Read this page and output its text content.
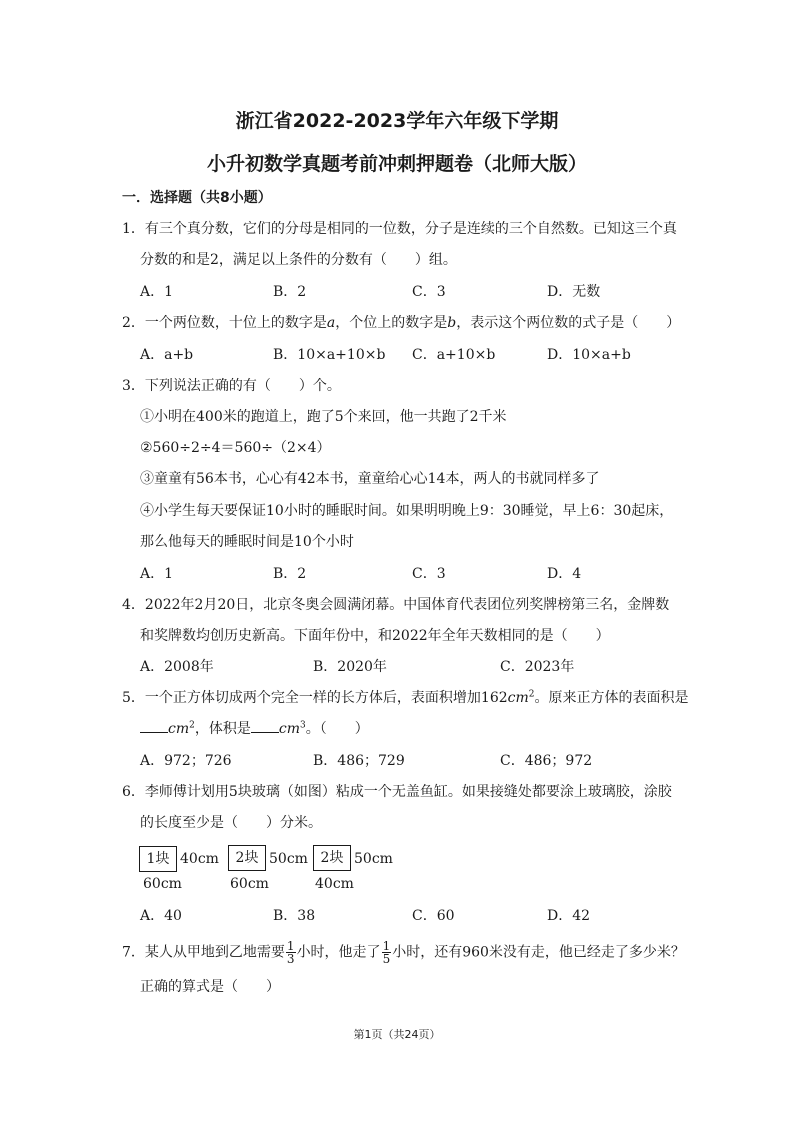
浙江省2022-2023学年六年级下学期
小升初数学真题考前冲刺押题卷（北师大版）
一．选择题（共8小题）
1．有三个真分数，它们的分母是相同的一位数，分子是连续的三个自然数。已知这三个真
分数的和是2，满足以上条件的分数有（　　）组。
A．1	B．2	C．3	D．无数
2．一个两位数，十位上的数字是a，个位上的数字是b，表示这个两位数的式子是（　　）
A．a+b	B．10×a+10×b C．a+10×b	D．10×a+b
3．下列说法正确的有（　　）个。
①小明在400米的跑道上，跑了5个来回，他一共跑了2千米
②560÷2÷4＝560÷（2×4）
③童童有56本书，心心有42本书，童童给心心14本，两人的书就同样多了
④小学生每天要保证10小时的睡眠时间。如果明明晚上9：30睡觉，早上6：30起床，
那么他每天的睡眠时间是10个小时
A．1	B．2	C．3	D．4
4．2022年2月20日，北京冬奥会圆满闭幕。中国体育代表团位列奖牌榜第三名，金牌数
和奖牌数均创历史新高。下面年份中，和2022年全年天数相同的是（　　）
A．2008年	B．2020年	C．2023年
5．一个正方体切成两个完全一样的长方体后，表面积增加$162cm^2$。原来正方体的表面积是
$cm^2$，体积是 $cm^3$。（　　）
A．972；726	B．486；729	C．486；972
6．李师傅计划用5块玻璃（如图）粘成一个无盖鱼缸。如果接缝处都要涂上玻璃胶，涂胶
的长度至少是（　　）分米。
1块 40cm
60cm
2块 50cm
60cm
2块 50cm
40cm
A．40	B．38	C．60	D．42
7．某人从甲地到乙地需要 $\frac{1}{3}$ 小时，他走了 $\frac{1}{5}$ 小时，还有960米没有走，他已经走了多少米？
正确的算式是（　　）
第1页（共24页）
